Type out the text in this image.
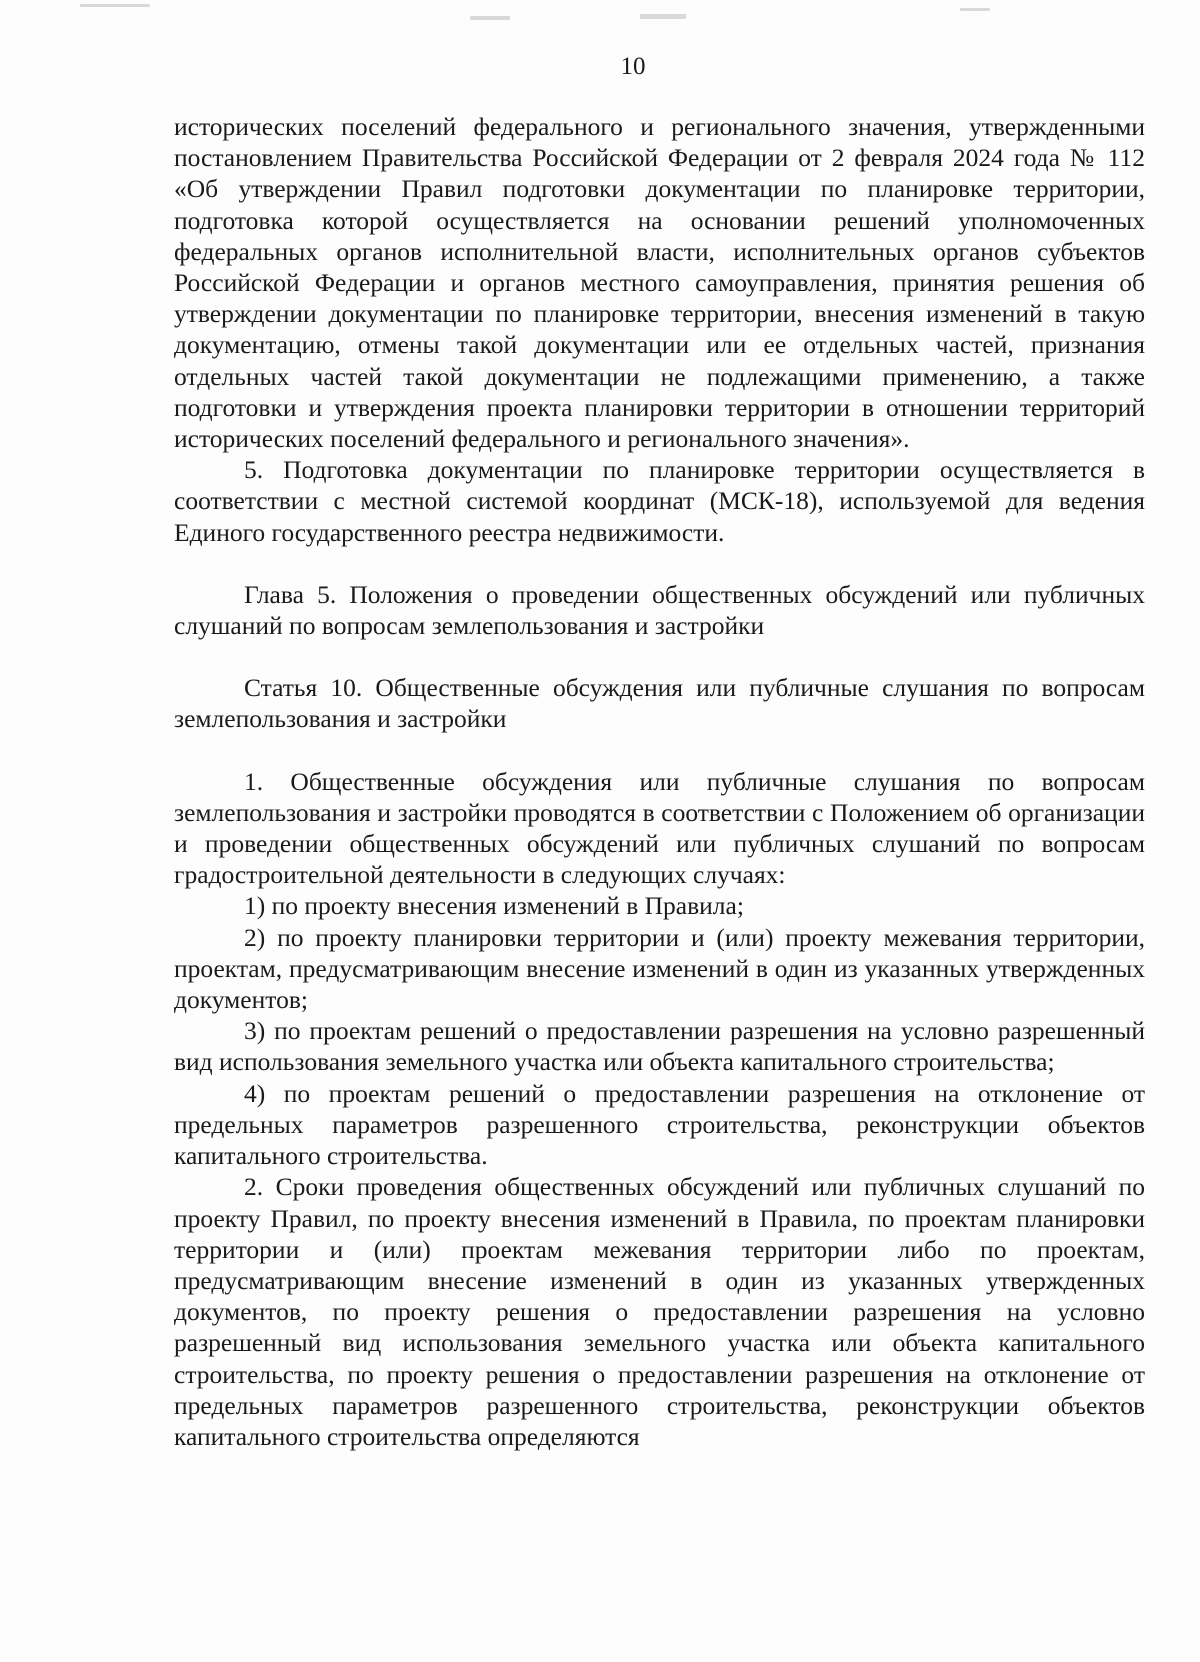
10

исторических поселений федерального и регионального значения, утвержденными постановлением Правительства Российской Федерации от 2 февраля 2024 года № 112 «Об утверждении Правил подготовки документации по планировке территории, подготовка которой осуществляется на основании решений уполномоченных федеральных органов исполнительной власти, исполнительных органов субъектов Российской Федерации и органов местного самоуправления, принятия решения об утверждении документации по планировке территории, внесения изменений в такую документацию, отмены такой документации или ее отдельных частей, признания отдельных частей такой документации не подлежащими применению, а также подготовки и утверждения проекта планировки территории в отношении территорий исторических поселений федерального и регионального значения».

5. Подготовка документации по планировке территории осуществляется в соответствии с местной системой координат (МСК-18), используемой для ведения Единого государственного реестра недвижимости.

Глава 5. Положения о проведении общественных обсуждений или публичных слушаний по вопросам землепользования и застройки

Статья 10. Общественные обсуждения или публичные слушания по вопросам землепользования и застройки

1. Общественные обсуждения или публичные слушания по вопросам землепользования и застройки проводятся в соответствии с Положением об организации и проведении общественных обсуждений или публичных слушаний по вопросам градостроительной деятельности в следующих случаях:

1) по проекту внесения изменений в Правила;

2) по проекту планировки территории и (или) проекту межевания территории, проектам, предусматривающим внесение изменений в один из указанных утвержденных документов;

3) по проектам решений о предоставлении разрешения на условно разрешенный вид использования земельного участка или объекта капитального строительства;

4) по проектам решений о предоставлении разрешения на отклонение от предельных параметров разрешенного строительства, реконструкции объектов капитального строительства.

2. Сроки проведения общественных обсуждений или публичных слушаний по проекту Правил, по проекту внесения изменений в Правила, по проектам планировки территории и (или) проектам межевания территории либо по проектам, предусматривающим внесение изменений в один из указанных утвержденных документов, по проекту решения о предоставлении разрешения на условно разрешенный вид использования земельного участка или объекта капитального строительства, по проекту решения о предоставлении разрешения на отклонение от предельных параметров разрешенного строительства, реконструкции объектов капитального строительства определяются
